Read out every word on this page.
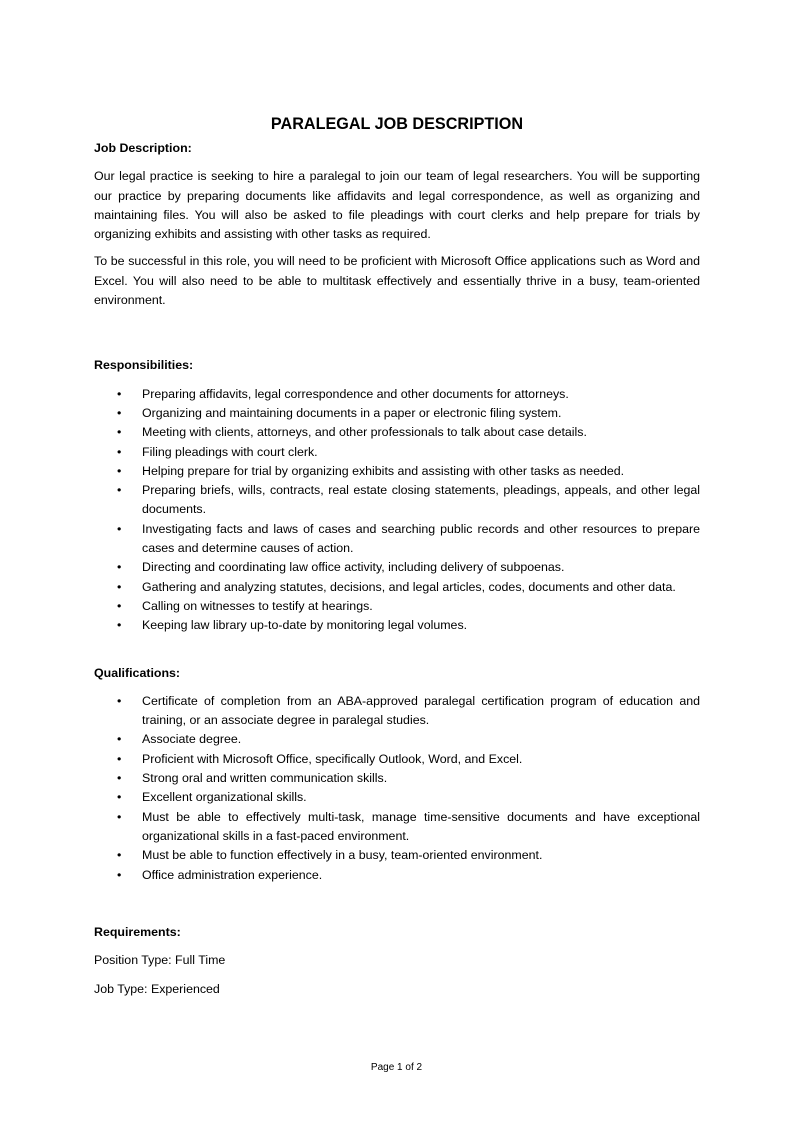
PARALEGAL JOB DESCRIPTION
Job Description:

Our legal practice is seeking to hire a paralegal to join our team of legal researchers. You will be supporting our practice by preparing documents like affidavits and legal correspondence, as well as organizing and maintaining files. You will also be asked to file pleadings with court clerks and help prepare for trials by organizing exhibits and assisting with other tasks as required.

To be successful in this role, you will need to be proficient with Microsoft Office applications such as Word and Excel. You will also need to be able to multitask effectively and essentially thrive in a busy, team-oriented environment.

Responsibilities:
• Preparing affidavits, legal correspondence and other documents for attorneys.
• Organizing and maintaining documents in a paper or electronic filing system.
• Meeting with clients, attorneys, and other professionals to talk about case details.
• Filing pleadings with court clerk.
• Helping prepare for trial by organizing exhibits and assisting with other tasks as needed.
• Preparing briefs, wills, contracts, real estate closing statements, pleadings, appeals, and other legal documents.
• Investigating facts and laws of cases and searching public records and other resources to prepare cases and determine causes of action.
• Directing and coordinating law office activity, including delivery of subpoenas.
• Gathering and analyzing statutes, decisions, and legal articles, codes, documents and other data.
• Calling on witnesses to testify at hearings.
• Keeping law library up-to-date by monitoring legal volumes.
Qualifications:
• Certificate of completion from an ABA-approved paralegal certification program of education and training, or an associate degree in paralegal studies.
• Associate degree.
• Proficient with Microsoft Office, specifically Outlook, Word, and Excel.
• Strong oral and written communication skills.
• Excellent organizational skills.
• Must be able to effectively multi-task, manage time-sensitive documents and have exceptional organizational skills in a fast-paced environment.
• Must be able to function effectively in a busy, team-oriented environment.
• Office administration experience.
Requirements:

Position Type: Full Time

Job Type: Experienced

Page 1 of 2
